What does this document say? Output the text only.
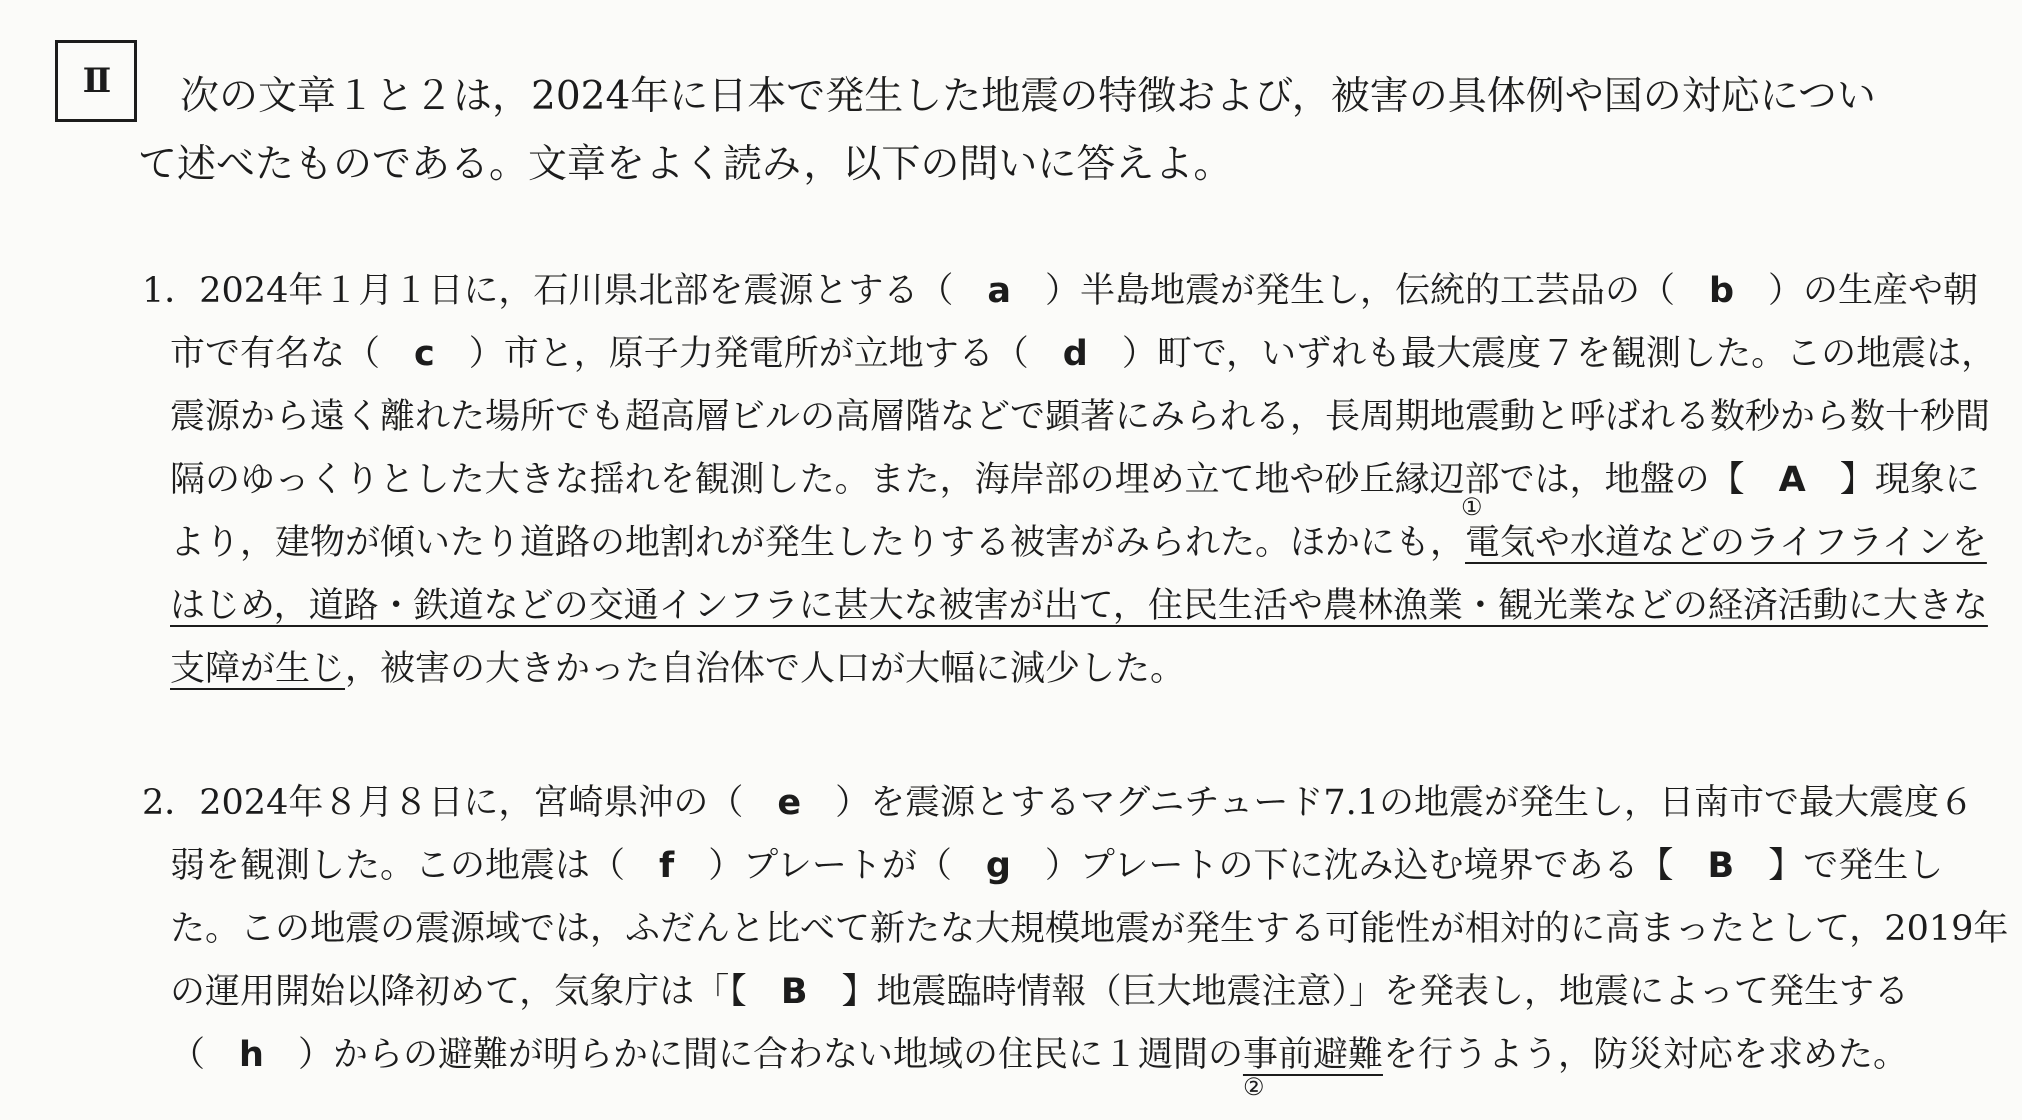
Ⅱ	次の文章１と２は，2024年に日本で発生した地震の特徴および，被害の具体例や国の対応につい
て述べたものである。文章をよく読み，以下の問いに答えよ。

1．2024年１月１日に，石川県北部を震源とする（ a ）半島地震が発生し，伝統的工芸品の（ b ）の生産や朝
市で有名な（ c ）市と，原子力発電所が立地する（ d ）町で，いずれも最大震度７を観測した。この地震は，
震源から遠く離れた場所でも超高層ビルの高層階などで顕著にみられる，長周期地震動と呼ばれる数秒から数十秒間
隔のゆっくりとした大きな揺れを観測した。また，海岸部の埋め立て地や砂丘縁辺部では，地盤の【 A 】現象に
より，建物が傾いたり道路の地割れが発生したりする被害がみられた。ほかにも，
①
電気や水道などのライフラインを
はじめ，道路・鉄道などの交通インフラに甚大な被害が出て，住民生活や農林漁業・観光業などの経済活動に大きな
支障が生じ，被害の大きかった自治体で人口が大幅に減少した。
2．2024年８月８日に，宮崎県沖の（ e ）を震源とするマグニチュード7.1の地震が発生し，日南市で最大震度６
弱を観測した。この地震は（ f ）プレートが（ g ）プレートの下に沈み込む境界である【 B 】で発生し
た。この地震の震源域では，ふだんと比べて新たな大規模地震が発生する可能性が相対的に高まったとして，2019年
の運用開始以降初めて，気象庁は「【 B 】地震臨時情報（巨大地震注意）」を発表し，地震によって発生する
（ h ）からの避難が明らかに間に合わない地域の住民に１週間の
②
事前避難を行うよう，防災対応を求めた。
